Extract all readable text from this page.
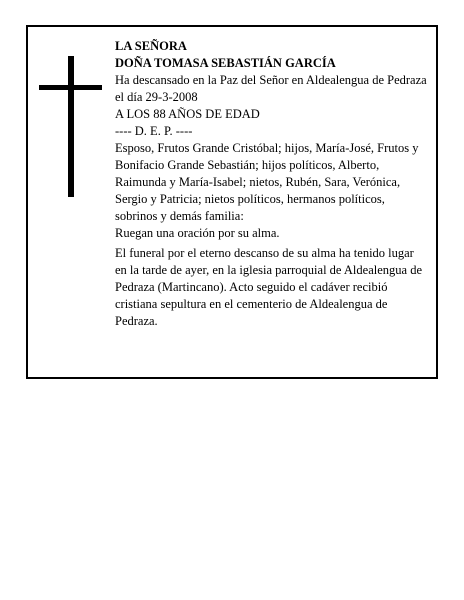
LA SEÑORA

DOÑA TOMASA SEBASTIÁN GARCÍA

Ha descansado en la Paz del Señor en Aldealengua de Pedraza el día 29-3-2008

A LOS 88 AÑOS DE EDAD

---- D. E. P. ----

Esposo, Frutos Grande Cristóbal; hijos, María-José, Frutos y Bonifacio Grande Sebastián; hijos políticos, Alberto, Raimunda y María-Isabel; nietos, Rubén, Sara, Verónica, Sergio y Patricia; nietos políticos, hermanos políticos, sobrinos y demás familia:

Ruegan una oración por su alma.

El funeral por el eterno descanso de su alma ha tenido lugar en la tarde de ayer, en la iglesia parroquial de Aldealengua de Pedraza (Martincano). Acto seguido el cadáver recibió cristiana sepultura en el cementerio de Aldealengua de Pedraza.
